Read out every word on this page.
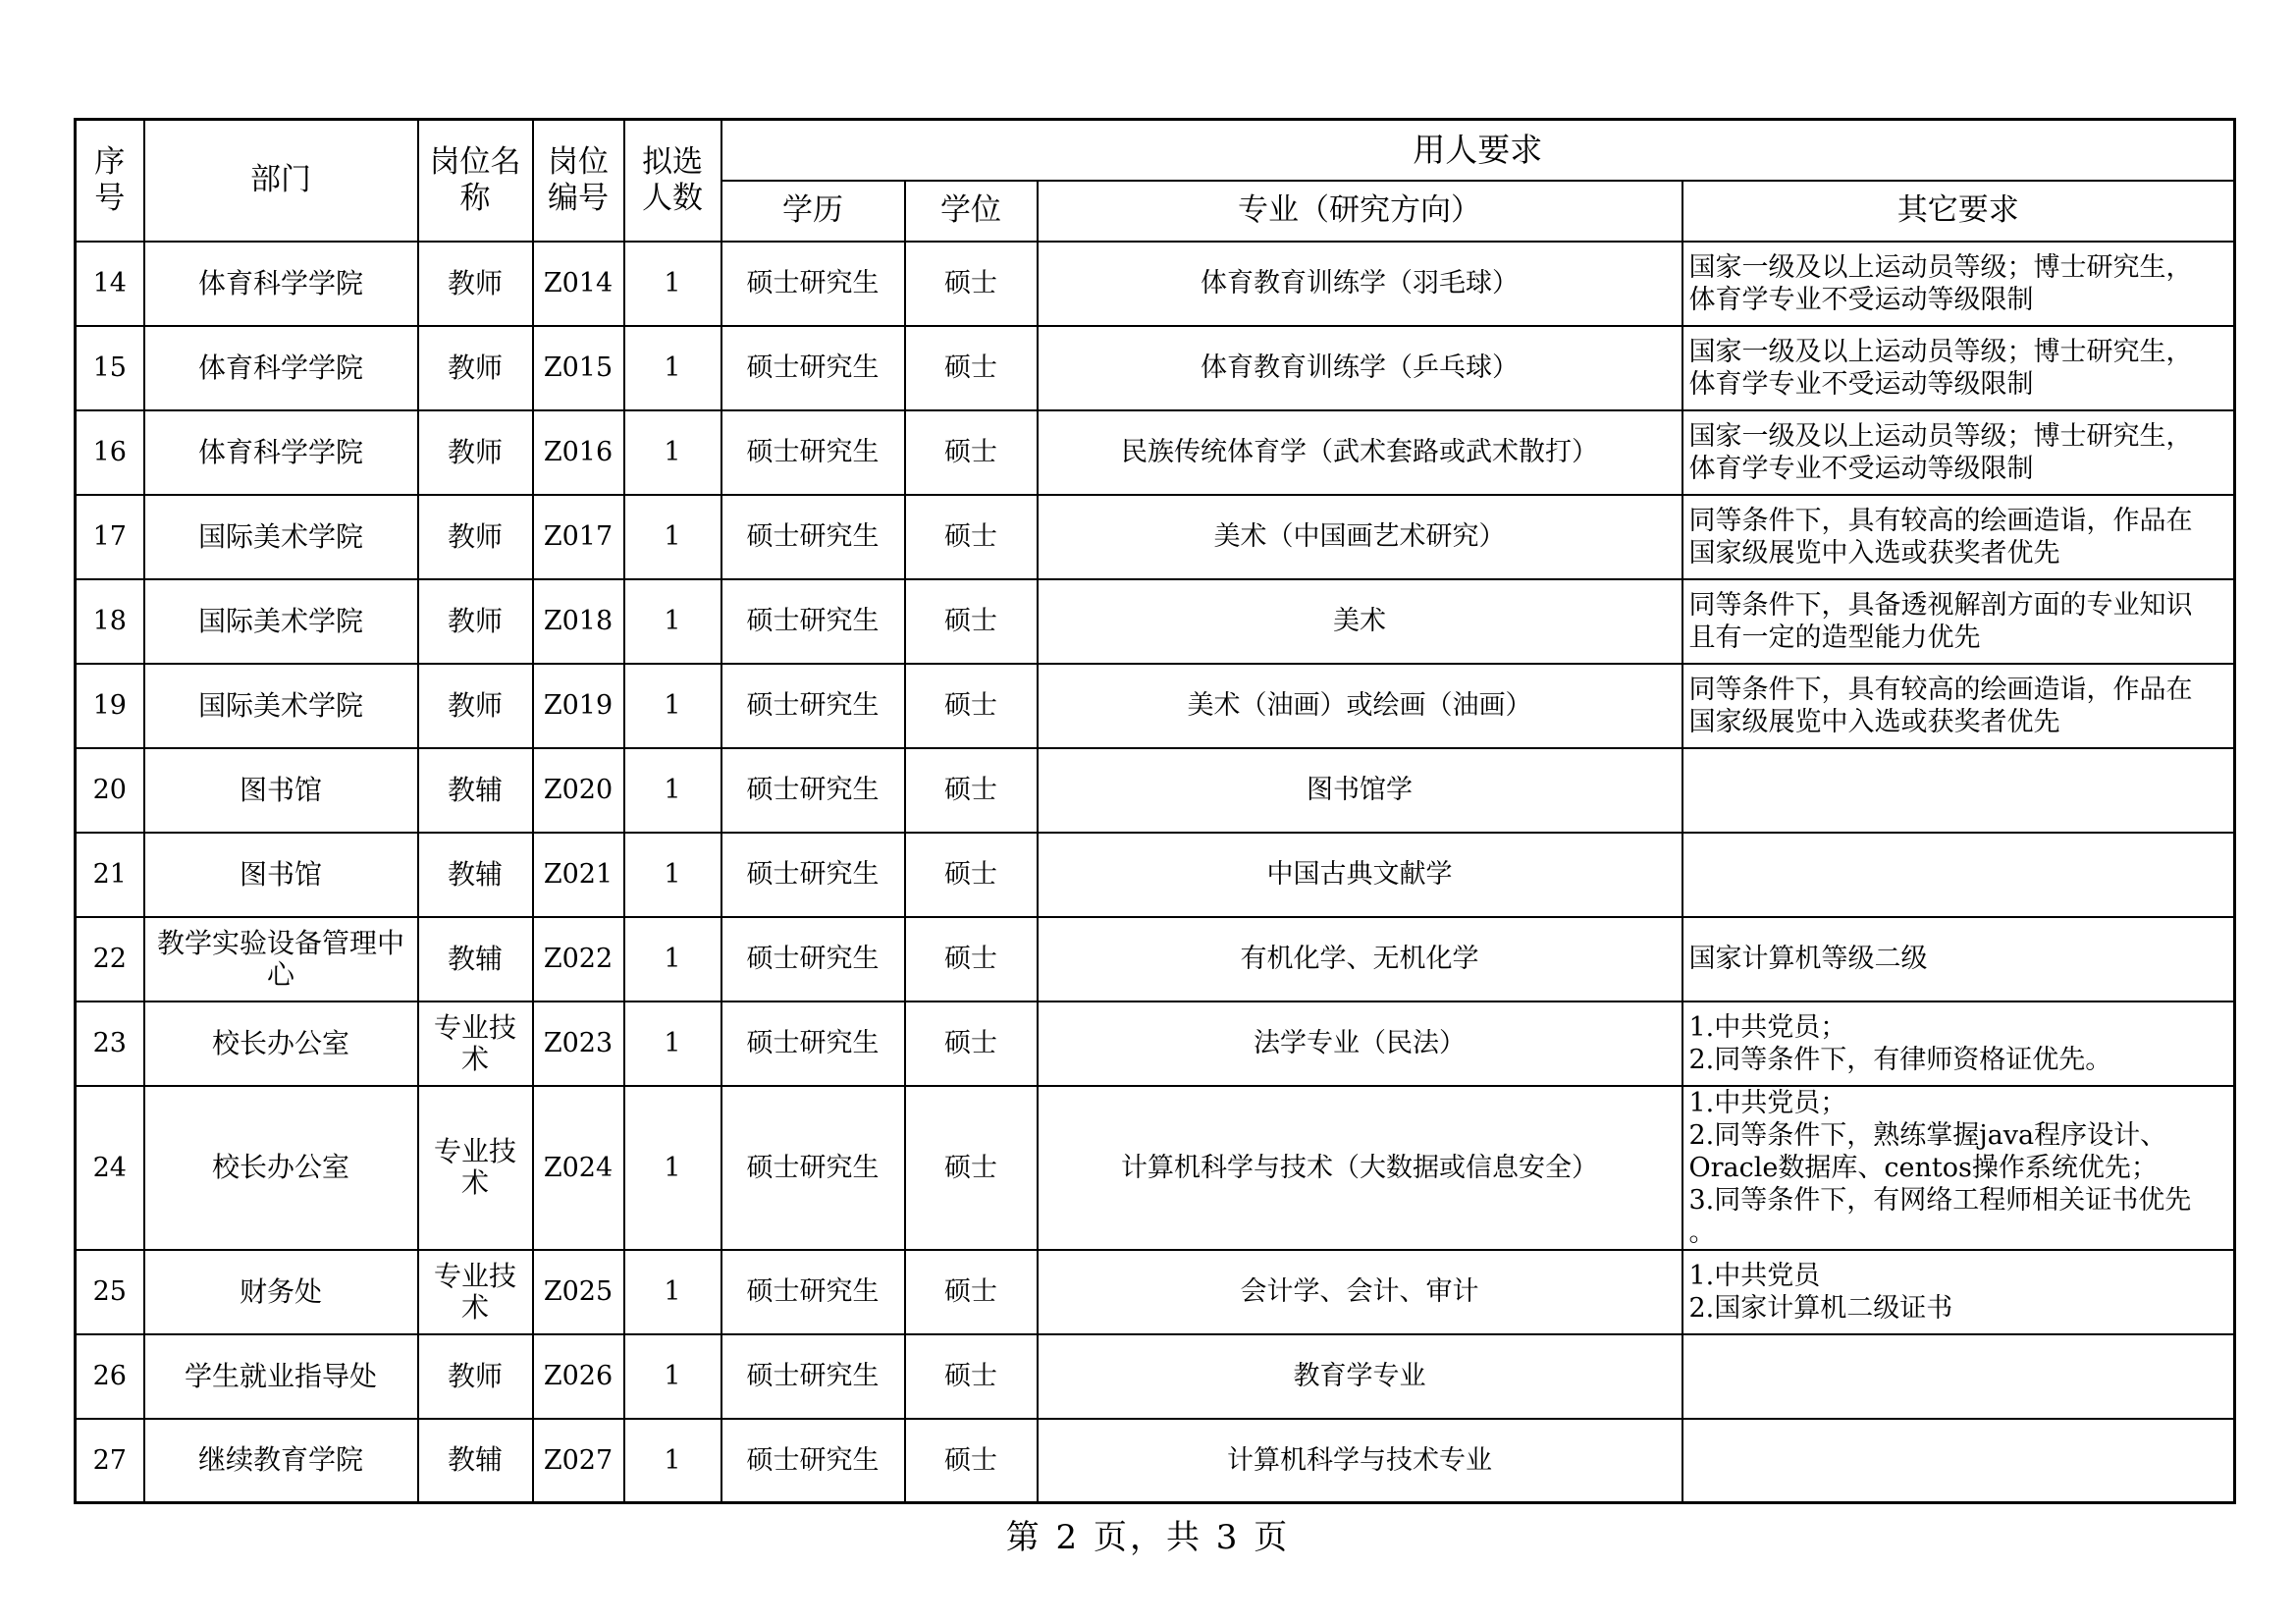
序号	部门	岗位名称	岗位编号	拟选人数	用人要求			
					学历	学位	专业（研究方向）	其它要求
14	体育科学学院	教师	Z014	1	硕士研究生	硕士	体育教育训练学（羽毛球）	国家一级及以上运动员等级；博士研究生，
体育学专业不受运动等级限制

15	体育科学学院	教师	Z015	1	硕士研究生	硕士	体育教育训练学（乒乓球）	国家一级及以上运动员等级；博士研究生，
体育学专业不受运动等级限制

16	体育科学学院	教师	Z016	1	硕士研究生	硕士	民族传统体育学（武术套路或武术散打）	国家一级及以上运动员等级；博士研究生，
体育学专业不受运动等级限制

17	国际美术学院	教师	Z017	1	硕士研究生	硕士	美术（中国画艺术研究）	同等条件下，具有较高的绘画造诣，作品在
国家级展览中入选或获奖者优先

18	国际美术学院	教师	Z018	1	硕士研究生	硕士	美术	同等条件下，具备透视解剖方面的专业知识
且有一定的造型能力优先

19	国际美术学院	教师	Z019	1	硕士研究生	硕士	美术（油画）或绘画（油画）	同等条件下，具有较高的绘画造诣，作品在
国家级展览中入选或获奖者优先

20	图书馆	教辅	Z020	1	硕士研究生	硕士	图书馆学	
21	图书馆	教辅	Z021	1	硕士研究生	硕士	中国古典文献学	
22	教学实验设备管理中心	教辅	Z022	1	硕士研究生	硕士	有机化学、无机化学	国家计算机等级二级

23	校长办公室	专业技术	Z023	1	硕士研究生	硕士	法学专业（民法）	1.中共党员；
2.同等条件下，有律师资格证优先。

24	校长办公室	专业技术	Z024	1	硕士研究生	硕士	计算机科学与技术（大数据或信息安全）	1.中共党员；
2.同等条件下，熟练掌握java程序设计、
Oracle数据库、centos操作系统优先；
3.同等条件下，有网络工程师相关证书优先
。

25	财务处	专业技术	Z025	1	硕士研究生	硕士	会计学、会计、审计	1.中共党员
2.国家计算机二级证书

26	学生就业指导处	教师	Z026	1	硕士研究生	硕士	教育学专业	
27	继续教育学院	教辅	Z027	1	硕士研究生	硕士	计算机科学与技术专业	
第 2 页，共 3 页
